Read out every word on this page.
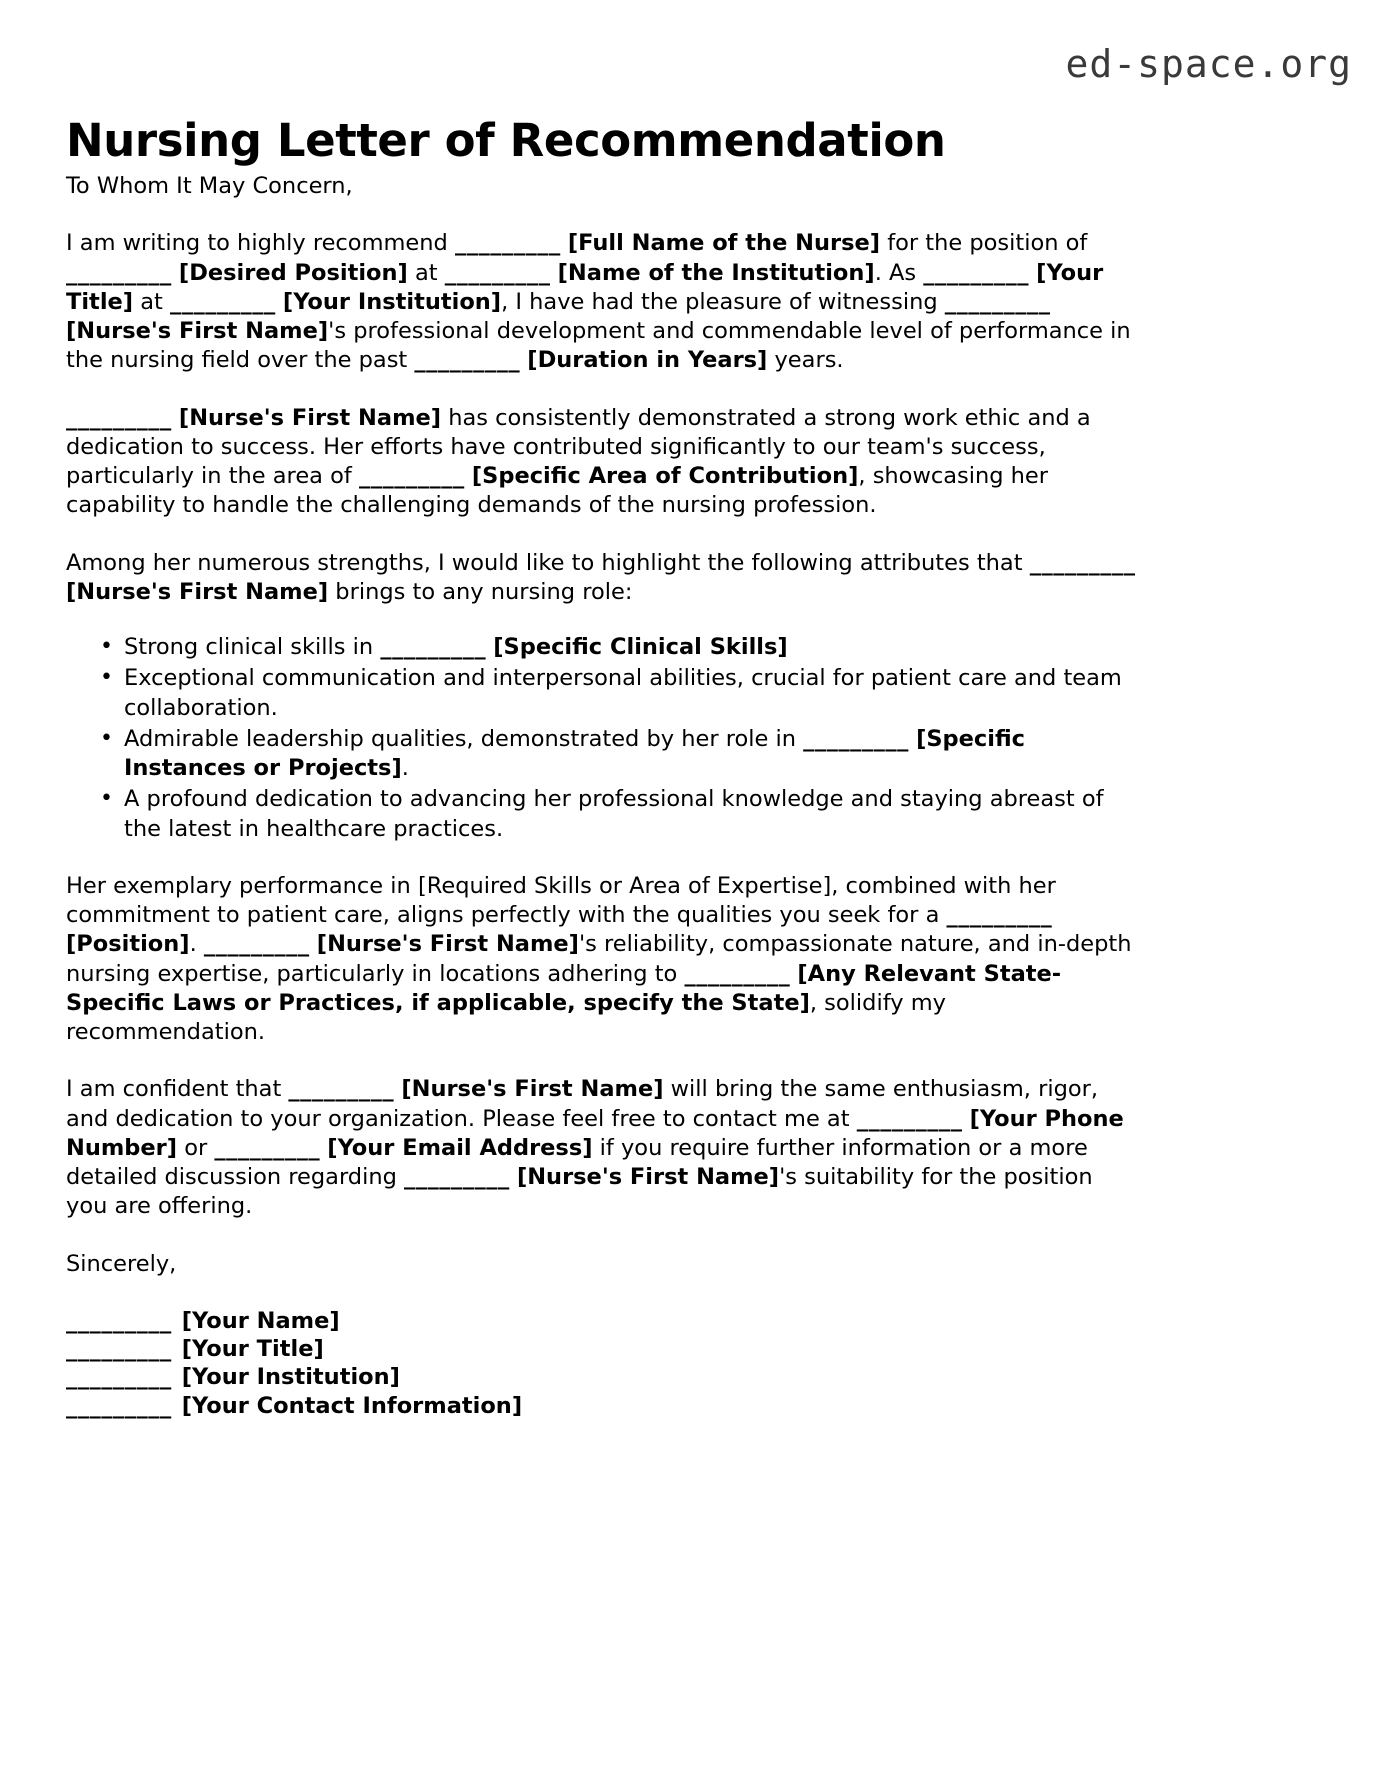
ed-space.org
Nursing Letter of Recommendation

To Whom It May Concern,

I am writing to highly recommend _________ [Full Name of the Nurse] for the position of _________ [Desired Position] at _________ [Name of the Institution]. As _________ [Your Title] at _________ [Your Institution], I have had the pleasure of witnessing _________ [Nurse's First Name]'s professional development and commendable level of performance in the nursing field over the past _________ [Duration in Years] years.

_________ [Nurse's First Name] has consistently demonstrated a strong work ethic and a dedication to success. Her efforts have contributed significantly to our team's success, particularly in the area of _________ [Specific Area of Contribution], showcasing her capability to handle the challenging demands of the nursing profession.

Among her numerous strengths, I would like to highlight the following attributes that _________ [Nurse's First Name] brings to any nursing role:

• Strong clinical skills in _________ [Specific Clinical Skills]
• Exceptional communication and interpersonal abilities, crucial for patient care and team collaboration.
• Admirable leadership qualities, demonstrated by her role in _________ [Specific Instances or Projects].
• A profound dedication to advancing her professional knowledge and staying abreast of the latest in healthcare practices.

Her exemplary performance in [Required Skills or Area of Expertise], combined with her commitment to patient care, aligns perfectly with the qualities you seek for a _________ [Position]. _________ [Nurse's First Name]'s reliability, compassionate nature, and in-depth nursing expertise, particularly in locations adhering to _________ [Any Relevant State-Specific Laws or Practices, if applicable, specify the State], solidify my recommendation.

I am confident that _________ [Nurse's First Name] will bring the same enthusiasm, rigor, and dedication to your organization. Please feel free to contact me at _________ [Your Phone Number] or _________ [Your Email Address] if you require further information or a more detailed discussion regarding _________ [Nurse's First Name]'s suitability for the position you are offering.

Sincerely,

_________ [Your Name]
_________ [Your Title]
_________ [Your Institution]
_________ [Your Contact Information]
